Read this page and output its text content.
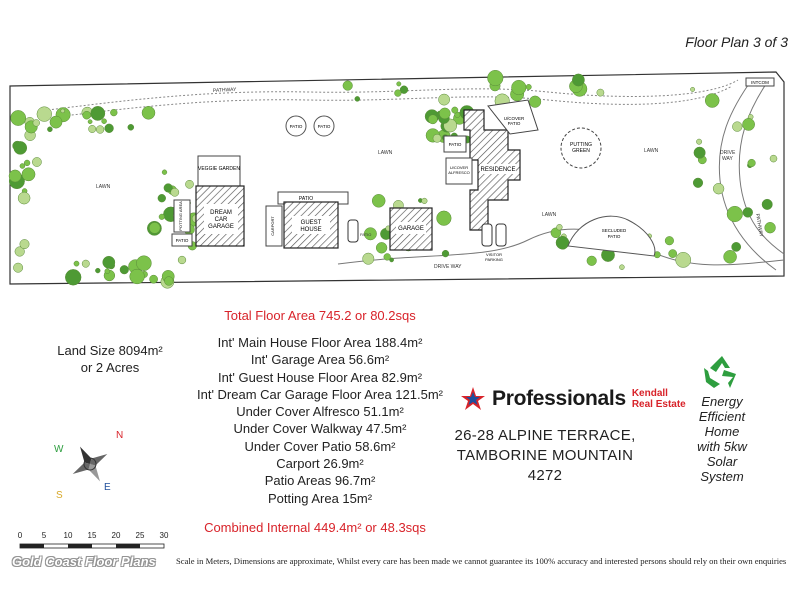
Floor Plan 3 of 3
VEGGIE GARDEN
DREAM CAR GARAGE
POTTING AREA
PATIO
PATIO
GUEST HOUSE
CARPORT	GARAGE
RESIDENCE
U/COVER PATIO
U/COVER ALFRESCO
PATIO
VISITOR PARKING
PATIO	PATIO
PUTTING GREEN
SECLUDED PATIO
INTCOM
PATHWAY
PATHWAY
LAWN
LAWN	LAWN
LAWN
DRIVE WAY
PATIO
DRIVE WAY
Total Floor Area 745.2 or 80.2sqs
Land Size 8094m²
or 2 Acres
Int' Main House Floor Area 188.4m²
Int' Garage Area 56.6m²
Int' Guest House Floor Area 82.9m²
Int' Dream Car Garage Floor Area 121.5m²
Under Cover Alfresco 51.1m²
Under Cover Walkway 47.5m²
Under Cover Patio 58.6m²
Carport 26.9m²
Patio Areas 96.7m²
Potting Area 15m²
Combined Internal 449.4m² or 48.3sqs
Professionals Kendall
Real Estate
26-28 ALPINE TERRACE,
TAMBORINE MOUNTAIN 4272
Energy
Efficient
Home
with 5kw
Solar
System
N
E
S
W
0 5 10 15 20 25 30
Gold Coast Floor Plans Scale in Meters, Dimensions are approximate, Whilst every care has been made we cannot guarantee its 100% accuracy and interested persons should rely on their own enquiries
